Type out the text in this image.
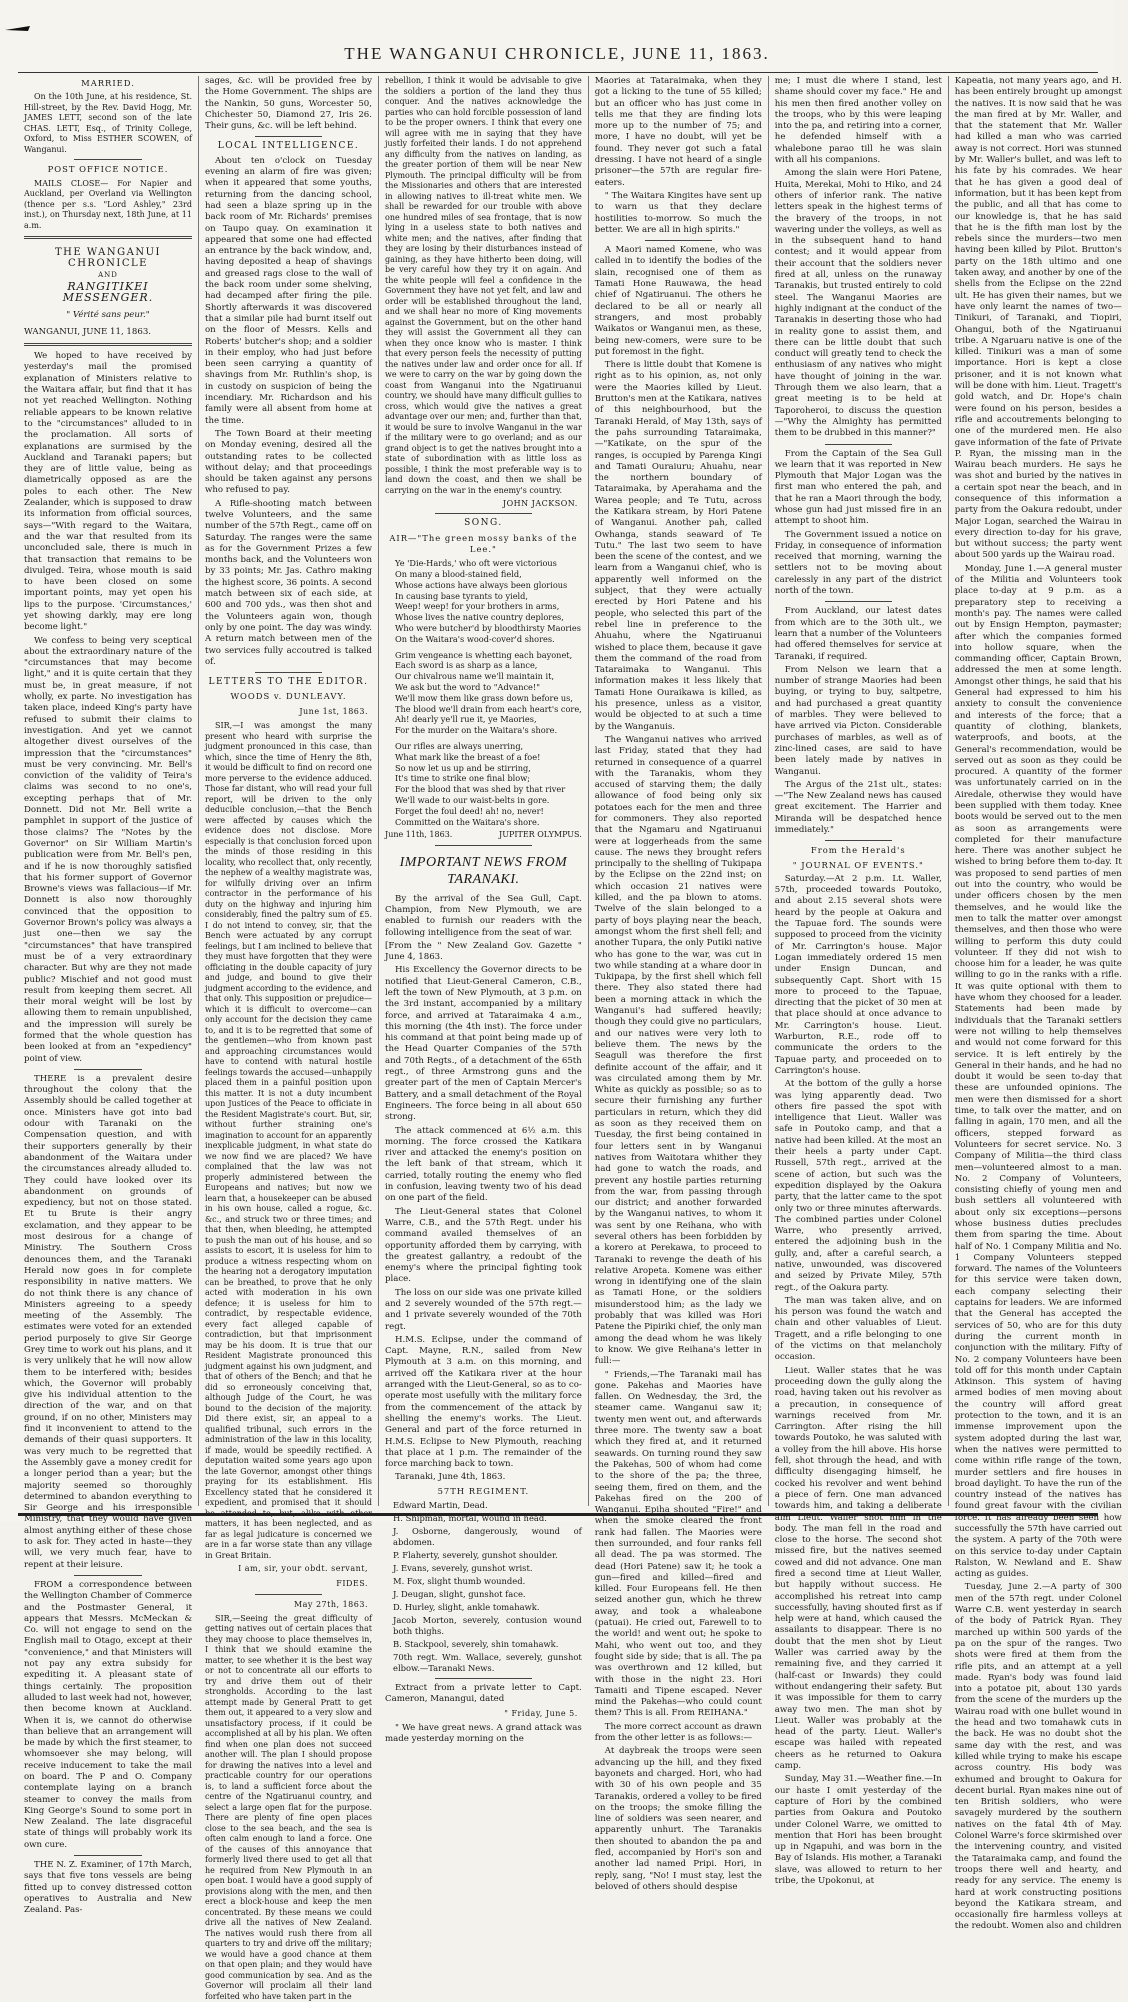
THE WANGANUI CHRONICLE, JUNE 11, 1863.
MARRIED.

On the 10th June, at his residence, St. Hill-street, by the Rev. David Hogg, Mr. JAMES LETT, second son of the late CHAS. LETT, Esq., of Trinity College, Oxford, to Miss ESTHER SCOWEN, of Wanganui.

POST OFFICE NOTICE.

MAILS CLOSE— For Napier and Auckland, per Overland via Wellington (thence per s.s. "Lord Ashley," 23rd inst.), on Thursday next, 18th June, at 11 a.m.

THE WANGANUI CHRONICLE
AND
RANGITIKEI MESSENGER.
" Vérité sans peur."
WANGANUI, JUNE 11, 1863.

We hoped to have received by yesterday's mail the promised explanation of Ministers relative to the Waitara affair, but find that it has not yet reached Wellington. Nothing reliable appears to be known relative to the "circumstances" alluded to in the proclamation. All sorts of explanations are surmised by the Auckland and Taranaki papers; but they are of little value, being as diametrically opposed as are the poles to each other. The New Zealander, which is supposed to draw its information from official sources, says—"With regard to the Waitara, and the war that resulted from its unconcluded sale, there is much in that transaction that remains to be divulged. Teira, whose mouth is said to have been closed on some important points, may yet open his lips to the purpose. 'Circumstances,' yet showing darkly, may ere long become light."

We confess to being very sceptical about the extraordinary nature of the "circumstances that may become light," and it is quite certain that they must be, in great measure, if not wholly, ex parte. No investigation has taken place, indeed King's party have refused to submit their claims to investigation. And yet we cannot altogether divest ourselves of the impression that the "circumstances" must be very convincing. Mr. Bell's conviction of the validity of Teira's claims was second to no one's, excepting perhaps that of Mr. Donnett. Did not Mr. Bell write a pamphlet in support of the justice of those claims? The "Notes by the Governor" on Sir William Martin's publication were from Mr. Bell's pen, and if he is now thoroughly satisfied that his former support of Governor Browne's views was fallacious—if Mr. Donnett is also now thoroughly convinced that the opposition to Governor Brown's policy was always a just one—then we say the "circumstances" that have transpired must be of a very extraordinary character. But why are they not made public? Mischief and not good must result from keeping them secret. All their moral weight will be lost by allowing them to remain unpublished, and the impression will surely be formed that the whole question has been looked at from an "expediency" point of view.

THERE is a prevalent desire throughout the colony that the Assembly should be called together at once. Ministers have got into bad odour with Taranaki on the Compensation question, and with their supporters generally by their abandonment of the Waitara under the circumstances already alluded to. They could have looked over its abandonment on grounds of expediency, but not on those stated. Et tu Brute is their angry exclamation, and they appear to be most desirous for a change of Ministry. The Southern Cross denounces them, and the Taranaki Herald now goes in for complete responsibility in native matters. We do not think there is any chance of Ministers agreeing to a speedy meeting of the Assembly. The estimates were voted for an extended period purposely to give Sir George Grey time to work out his plans, and it is very unlikely that he will now allow them to be interfered with; besides which, the Governor will probably give his individual attention to the direction of the war, and on that ground, if on no other, Ministers may find it inconvenient to attend to the demands of their quasi supporters. It was very much to be regretted that the Assembly gave a money credit for a longer period than a year; but the majority seemed so thoroughly determined to abandon everything to Sir George and his irresponsible Ministry, that they would have given almost anything either of these chose to ask for. They acted in haste—they will, we very much fear, have to repent at their leisure.

FROM a correspondence between the Wellington Chamber of Commerce and the Postmaster General, it appears that Messrs. McMeckan & Co. will not engage to send on the English mail to Otago, except at their "convenience," and that Ministers will not pay any extra subsidy for expediting it. A pleasant state of things certainly. The proposition alluded to last week had not, however, then become known at Auckland. When it is, we cannot do otherwise than believe that an arrangement will be made by which the first steamer, to whomsoever she may belong, will receive inducement to take the mail on board. The P and O. Company contemplate laying on a branch steamer to convey the mails from King George's Sound to some port in New Zealand. The late disgraceful state of things will probably work its own cure.

THE N. Z. Examiner, of 17th March, says that five tons vessels are being fitted up to convey distressed cotton operatives to Australia and New Zealand. Pas-

sages, &c. will be provided free by the Home Government. The ships are the Nankin, 50 guns, Worcester 50, Chichester 50, Diamond 27, Iris 26. Their guns, &c. will be left behind.

LOCAL INTELLIGENCE.

About ten o'clock on Tuesday evening an alarm of fire was given; when it appeared that some youths, returning from the dancing school, had seen a blaze spring up in the back room of Mr. Richards' premises on Taupo quay. On examination it appeared that some one had effected an entrance by the back window, and, having deposited a heap of shavings and greased rags close to the wall of the back room under some shelving, had decamped after firing the pile. Shortly afterwards it was discovered that a similar pile had burnt itself out on the floor of Messrs. Kells and Roberts' butcher's shop; and a soldier in their employ, who had just before been seen carrying a quantity of shavings from Mr. Ruthlin's shop, is in custody on suspicion of being the incendiary. Mr. Richardson and his family were all absent from home at the time.

The Town Board at their meeting on Monday evening, desired all the outstanding rates to be collected without delay; and that proceedings should be taken against any persons who refused to pay.

A Rifle-shooting match between twelve Volunteers, and the same number of the 57th Regt., came off on Saturday. The ranges were the same as for the Government Prizes a few months back, and the Volunteers won by 33 points; Mr. Jas. Cathro making the highest score, 36 points. A second match between six of each side, at 600 and 700 yds., was then shot and the Volunteers again won, though only by one point. The day was windy. A return match between men of the two services fully accoutred is talked of.

LETTERS TO THE EDITOR.
WOODS v. DUNLEAVY.
June 1st, 1863.

SIR,—I was amongst the many present who heard with surprise the judgment pronounced in this case, than which, since the time of Henry the 8th, it would be difficult to find on record one more perverse to the evidence adduced. Those far distant, who will read your full report, will be driven to the only deducible conclusion,—that the Bench were affected by causes which the evidence does not disclose. More especially is that conclusion forced upon the minds of those residing in this locality, who recollect that, only recently, the nephew of a wealthy magistrate was, for wilfully driving over an infirm contractor in the performance of his duty on the highway and injuring him considerably, fined the paltry sum of £5. I do not intend to convey, sir, that the Bench were actuated by any corrupt feelings, but I am inclined to believe that they must have forgotten that they were officiating in the double capacity of jury and judge, and bound to give their judgment according to the evidence, and that only. This supposition or prejudice—which it is difficult to overcome—can only account for the decision they came to, and it is to be regretted that some of the gentlemen—who from known past and approaching circumstances would have to contend with natural hostile feelings towards the accused—unhappily placed them in a painful position upon this matter. It is not a duty incumbent upon Justices of the Peace to officiate in the Resident Magistrate's court. But, sir, without further straining one's imagination to account for an apparently inexplicable judgment, in what state do we now find we are placed? We have complained that the law was not properly administered between the Europeans and natives; but now we learn that, a housekeeper can be abused in his own house, called a rogue, &c. &c., and struck two or three times; and that then, when bleeding, he attempted to push the man out of his house, and so assists to escort, it is useless for him to produce a witness respecting whom on the hearing not a derogatory imputation can be breathed, to prove that he only acted with moderation in his own defence; it is useless for him to contradict, by respectable evidence, every fact alleged capable of contradiction, but that imprisonment may be his doom. It is true that our Resident Magistrate pronounced this judgment against his own judgment, and that of others of the Bench; and that he did so erroneously conceiving that, although Judge of the Court, he was bound to the decision of the majority. Did there exist, sir, an appeal to a qualified tribunal, such errors in the administration of the law in this locality, if made, would be speedily rectified. A deputation waited some years ago upon the late Governor, amongst other things praying for its establishment. His Excellency stated that he considered it expedient, and promised that it should be attended to, but, alike with other matters, it has been neglected, and as far as legal judicature is concerned we are in a far worse state than any village in Great Britain.

I am, sir, your obdt. servant,
FIDES.
May 27th, 1863.

SIR,—Seeing the great difficulty of getting natives out of certain places that they may choose to place themselves in, I think that we should examine the matter, to see whether it is the best way or not to concentrate all our efforts to try and drive them out of their strongholds. According to the last attempt made by General Pratt to get them out, it appeared to a very slow and unsatisfactory process, if it could be accomplished at all by his plan. We often find when one plan does not succeed another will. The plan I should propose for drawing the natives into a level and practicable country for our operations is, to land a sufficient force about the centre of the Ngatiruanui country, and select a large open flat for the purpose. There are plenty of fine open places close to the sea beach, and the sea is often calm enough to land a force. One of the causes of this annoyance that formerly lived there used to get all that he required from New Plymouth in an open boat. I would have a good supply of provisions along with the men, and then erect a block-house and keep the men concentrated. By these means we could drive all the natives of New Zealand. The natives would rush there from all quarters to try and drive off the military; we would have a good chance at them on that open plain; and they would have good communication by sea. And as the Governor will proclaim all their land forfeited who have taken part in the

rebellion, I think it would be advisable to give the soldiers a portion of the land they thus conquer. And the natives acknowledge the parties who can hold forcible possession of land to be the proper owners. I think that every one will agree with me in saying that they have justly forfeited their lands. I do not apprehend any difficulty from the natives on landing, as the greater portion of them will be near New Plymouth. The principal difficulty will be from the Missionaries and others that are interested in allowing natives to ill-treat white men. We shall be rewarded for our trouble with above one hundred miles of sea frontage, that is now lying in a useless state to both natives and white men; and the natives, after finding that they are losing by their disturbances instead of gaining, as they have hitherto been doing, will be very careful how they try it on again. And the white people will feel a confidence in the Government they have not yet felt, and law and order will be established throughout the land, and we shall hear no more of King movements against the Government, but on the other hand they will assist the Government all they can when they once know who is master. I think that every person feels the necessity of putting the natives under law and order once for all. If we were to carry on the war by going down the coast from Wanganui into the Ngatiruanui country, we should have many difficult gullies to cross, which would give the natives a great advantage over our men; and, further than that, it would be sure to involve Wanganui in the war if the military were to go overland; and as our grand object is to get the natives brought into a state of subordination with as little loss as possible, I think the most preferable way is to land down the coast, and then we shall be carrying on the war in the enemy's country.

JOHN JACKSON.
SONG.
AIR—"The green mossy banks of the Lee."
Ye 'Die-Hards,' who oft were victorious
On many a blood-stained field,
Whose actions have always been glorious
In causing base tyrants to yield,
Weep! weep! for your brothers in arms,
Whose lives the native country deplores,
Who were butcher'd by bloodthirsty Maories
On the Waitara's wood-cover'd shores.
Grim vengeance is whetting each bayonet,
Each sword is as sharp as a lance,
Our chivalrous name we'll maintain it,
We ask but the word to "Advance!"
We'll mow them like grass down before us,
The blood we'll drain from each heart's core,
Ah! dearly ye'll rue it, ye Maories,
For the murder on the Waitara's shore.
Our rifles are always unerring,
What mark like the breast of a foe!
So now let us up and be stirring,
It's time to strike one final blow;
For the blood that was shed by that river
We'll wade to our waist-belts in gore.
Forget the foul deed! ah! no, never!
Committed on the Waitara's shore.
June 11th, 1863.	JUPITER OLYMPUS.
IMPORTANT NEWS FROM TARANAKI.

By the arrival of the Sea Gull, Capt. Champion, from New Plymouth, we are enabled to furnish our readers with the following intelligence from the seat of war.

[From the " New Zealand Gov. Gazette " June 4, 1863.

His Excellency the Governor directs to be notified that Lieut-General Cameron, C.B., left the town of New Plymouth, at 3 p.m. on the 3rd instant, accompanied by a military force, and arrived at Tataraimaka 4 a.m., this morning (the 4th inst). The force under his command at that point being made up of the Head Quarter Companies of the 57th and 70th Regts., of a detachment of the 65th regt., of three Armstrong guns and the greater part of the men of Captain Mercer's Battery, and a small detachment of the Royal Engineers. The force being in all about 650 strong.

The attack commenced at 6½ a.m. this morning. The force crossed the Katikara river and attacked the enemy's position on the left bank of that stream, which it carried, totally routing the enemy who fled in confusion, leaving twenty two of his dead on one part of the field.

The Lieut-General states that Colonel Warre, C.B., and the 57th Regt. under his command availed themselves of an opportunity afforded them by carrying, with the greatest gallantry, a redoubt of the enemy's where the principal fighting took place.

The loss on our side was one private killed and 2 severely wounded of the 57th regt.—and 1 private severely wounded of the 70th regt.

H.M.S. Eclipse, under the command of Capt. Mayne, R.N., sailed from New Plymouth at 3 a.m. on this morning, and arrived off the Katikara river at the hour arranged with the Lieut-General, so as to co-operate most usefully with the military force from the commencement of the attack by shelling the enemy's works. The Lieut. General and part of the force returned in H.M.S. Eclipse to New Plymouth, reaching that place at 1 p.m. The remainder of the force marching back to town.

Taranaki, June 4th, 1863.

57TH REGIMENT.

Edward Martin, Dead.

H. Shipman, mortal, wound in head.

J. Osborne, dangerously, wound of abdomen.

P. Flaherty, severely, gunshot shoulder.

J. Evans, severely, gunshot wrist.

M. Fox, slight thumb wounded.

J. Deugan, slight, gunshot face.

D. Hurley, slight, ankle tomahawk.

Jacob Morton, severely, contusion wound both thighs.

B. Stackpool, severely, shin tomahawk.

70th regt. Wm. Wallace, severely, gunshot elbow.—Taranaki News.

Extract from a private letter to Capt. Cameron, Manangui, dated

" Friday, June 5.

" We have great news. A grand attack was made yesterday morning on the

Maories at Tataraimaka, when they got a licking to the tune of 55 killed; but an officer who has just come in tells me that they are finding lots more up to the number of 75; and more, I have no doubt, will yet be found. They never got such a fatal dressing. I have not heard of a single prisoner—the 57th are regular fire-eaters.

" The Waitara Kingites have sent up to warn us that they declare hostilities to-morrow. So much the better. We are all in high spirits."

A Maori named Komene, who was called in to identify the bodies of the slain, recognised one of them as Tamati Hone Rauwawa, the head chief of Ngatiruanui. The others he declared to be all or nearly all strangers, and most probably Waikatos or Wanganui men, as these, being new-comers, were sure to be put foremost in the fight.

There is little doubt that Komene is right as to his opinion, as, not only were the Maories killed by Lieut. Brutton's men at the Katikara, natives of this neighbourhood, but the Taranaki Herald, of May 13th, says of the pahs surrounding Tataraimaka,—"Katikate, on the spur of the ranges, is occupied by Parenga Kingi and Tamati Ouraiuru; Ahuahu, near the northern boundary of Tataraimaka, by Aperahama and the Warea people; and Te Tutu, across the Katikara stream, by Hori Patene of Wanganui. Another pah, called Owhanga, stands seaward of Te Tutu." The last two seem to have been the scene of the contest, and we learn from a Wanganui chief, who is apparently well informed on the subject, that they were actually erected by Hori Patene and his people, who selected this part of the rebel line in preference to the Ahuahu, where the Ngatiruanui wished to place them, because it gave them the command of the road from Tataraimaka to Wanganui. This information makes it less likely that Tamati Hone Ouraikawa is killed, as his presence, unless as a visitor, would be objected to at such a time by the Wanganuis.

The Wanganui natives who arrived last Friday, stated that they had returned in consequence of a quarrel with the Taranakis, whom they accused of starving them; the daily allowance of food being only six potatoes each for the men and three for commoners. They also reported that the Ngamaru and Ngatiruanui were at loggerheads from the same cause. The news they brought refers principally to the shelling of Tukipapa by the Eclipse on the 22nd inst; on which occasion 21 natives were killed, and the pa blown to atoms. Twelve of the slain belonged to a party of boys playing near the beach, amongst whom the first shell fell; and another Tupara, the only Putiki native who has gone to the war, was cut in two while standing at a whare door in Tukipapa, by the first shell which fell there. They also stated there had been a morning attack in which the Wanganui's had suffered heavily; though they could give no particulars, and our natives were very loth to believe them. The news by the Seagull was therefore the first definite account of the affair, and it was circulated among them by Mr. White as quickly as possible; so as to secure their furnishing any further particulars in return, which they did as soon as they received them on Tuesday, the first being contained in four letters sent in by Wanganui natives from Waitotara whither they had gone to watch the roads, and prevent any hostile parties returning from the war, from passing through our district; and another forwarded by the Wanganui natives, to whom it was sent by one Reihana, who with several others has been forbidden by a korero at Perekawa, to proceed to Taranaki to revenge the death of his relative Aropeta. Komene was either wrong in identifying one of the slain as Tamati Hone, or the soldiers misunderstood him; as the lady we probably that was killed was Hori Patene the Pipiriki chief, the only man among the dead whom he was likely to know. We give Reihana's letter in full:—

" Friends,—The Taranaki mail has gone. Pakehas and Maories have fallen. On Wednesday, the 3rd, the steamer came. Wanganui saw it; twenty men went out, and afterwards three more. The twenty saw a boat which they fired at, and it returned seawards. On turning round they saw the Pakehas, 500 of whom had come to the shore of the pa; the three, seeing them, fired on them, and the Pakehas fired on the 200 of Wanganui. Epiha shouted "Fire!" and when the smoke cleared the front rank had fallen. The Maories were then surrounded, and four ranks fell all dead. The pa was stormed. The dead (Hori Patene) saw it; he took a gun—fired and killed—fired and killed. Four Europeans fell. He then seized another gun, which he threw away, and took a whaleabone (patuai). He cried out, Farewell to to the world! and went out; he spoke to Mahi, who went out too, and they fought side by side; that is all. The pa was overthrown and 12 killed, but with those in the night 23. Hori Tamaiti and Tipene escaped. Never mind the Pakehas—who could count them? This is all. From REIHANA."

The more correct account as drawn from the other letter is as follows:—

At daybreak the troops were seen advancing up the hill, and they fixed bayonets and charged. Hori, who had with 30 of his own people and 35 Taranakis, ordered a volley to be fired on the troops; the smoke filling the line of soldiers was seen nearer, and apparently unhurt. The Taranakis then shouted to abandon the pa and fled, accompanied by Hori's son and another lad named Pripi. Hori, in reply, sang, "No! I must stay, lest the beloved of others should despise

me; I must die where I stand, lest shame should cover my face." He and his men then fired another volley on the troops, who by this were leaping into the pa, and retiring into a corner, he defended himself with a whalebone parao till he was slain with all his companions.

Among the slain were Hori Patene, Huita, Merekai, Mohi to Hiko, and 24 others of inferior rank. The native letters speak in the highest terms of the bravery of the troops, in not wavering under the volleys, as well as in the subsequent hand to hand contest; and it would appear from their account that the soldiers never fired at all, unless on the runaway Taranakis, but trusted entirely to cold steel. The Wanganui Maories are highly indignant at the conduct of the Taranakis in deserting those who had in reality gone to assist them, and there can be little doubt that such conduct will greatly tend to check the enthusiasm of any natives who might have thought of joining in the war. Through them we also learn, that a great meeting is to be held at Taporoheroi, to discuss the question—"Why the Almighty has permitted them to be drubbed in this manner?"

From the Captain of the Sea Gull we learn that it was reported in New Plymouth that Major Logan was the first man who entered the pah, and that he ran a Maori through the body, whose gun had just missed fire in an attempt to shoot him.

The Government issued a notice on Friday, in consequence of information received that morning, warning the settlers not to be moving about carelessly in any part of the district north of the town.

From Auckland, our latest dates from which are to the 30th ult., we learn that a number of the Volunteers had offered themselves for service at Taranaki, if required.

From Nelson we learn that a number of strange Maories had been buying, or trying to buy, saltpetre, and had purchased a great quantity of marbles. They were believed to have arrived via Picton. Considerable purchases of marbles, as well as of zinc-lined cases, are said to have been lately made by natives in Wanganui.

The Argus of the 21st ult., states:—"The New Zealand news has caused great excitement. The Harrier and Miranda will be despatched hence immediately."

From the Herald's
" JOURNAL OF EVENTS."

Saturday.—At 2 p.m. Lt. Waller, 57th, proceeded towards Poutoko, and about 2.15 several shots were heard by the people at Oakura and the Tapuae ford. The sounds were supposed to proceed from the vicinity of Mr. Carrington's house. Major Logan immediately ordered 15 men under Ensign Duncan, and subsequently Capt. Short with 15 more to proceed to the Tapuae, directing that the picket of 30 men at that place should at once advance to Mr. Carrington's house. Lieut. Warburton, R.E., rode off to communicate the orders to the Tapuae party, and proceeded on to Carrington's house.

At the bottom of the gully a horse was lying apparently dead. Two others fire passed the spot with intelligence that Lieut. Waller was safe in Poutoko camp, and that a native had been killed. At the most an their heels a party under Capt. Russell, 57th regt., arrived at the scene of action, but such was the expedition displayed by the Oakura party, that the latter came to the spot only two or three minutes afterwards. The combined parties under Colonel Warre, who presently arrived, entered the adjoining bush in the gully, and, after a careful search, a native, unwounded, was discovered and seized by Private Miley, 57th regt., of the Oakura party.

The man was taken alive, and on his person was found the watch and chain and other valuables of Lieut. Tragett, and a rifle belonging to one of the victims on that melancholy occasion.

Lieut. Waller states that he was proceeding down the gully along the road, having taken out his revolver as a precaution, in consequence of warnings received from Mr. Carrington. After rising the hill towards Poutoko, he was saluted with a volley from the hill above. His horse fell, shot through the head, and with difficulty disengaging himself, he cocked his revolver and went behind a piece of fern. One man advanced towards him, and taking a deliberate aim Lieut. Waller shot him in the body. The man fell in the road and close to the horse. The second shot missed fire, but the natives seemed cowed and did not advance. One man fired a second time at Lieut Waller, but happily without success. He accomplished his retreat into camp successfully, having shouted first as if help were at hand, which caused the assailants to disappear. There is no doubt that the men shot by Lieut Waller was carried away by the remaining five, and they carried it (half-cast or Inwards) they could without endangering their safety. But it was impossible for them to carry away two men. The man shot by Lieut. Waller was probably at the head of the party. Lieut. Waller's escape was hailed with repeated cheers as he returned to Oakura camp.

Sunday, May 31.—Weather fine.—In our haste I omit yesterday of the capture of Hori by the combined parties from Oakura and Poutoko under Colonel Warre, we omitted to mention that Hori has been brought up in Ngapuhi, and was born in the Bay of Islands. His mother, a Taranaki slave, was allowed to return to her tribe, the Upokonui, at

Kapeatia, not many years ago, and H. has been entirely brought up amongst the natives. It is now said that he was the man fired at by Mr. Waller, and that the statement that Mr. Waller had killed a man who was carried away is not correct. Hori was stunned by Mr. Waller's bullet, and was left to his fate by his comrades. We hear that he has given a good deal of information, but it has been kept from the public, and all that has come to our knowledge is, that he has said that he is the fifth man lost by the rebels since the murders—two men having been killed by Pilot. Brutton's party on the 18th ultimo and one taken away, and another by one of the shells from the Eclipse on the 22nd ult. He has given their names, but we have only learnt the names of two—Tinikuri, of Taranaki, and Tiopiri, Ohangui, both of the Ngatiruanui tribe. A Ngaruaru native is one of the killed. Tinikuri was a man of some importance. Hori is kept a close prisoner, and it is not known what will be done with him. Lieut. Tragett's gold watch, and Dr. Hope's chain were found on his person, besides a rifle and accoutrements belonging to one of the murdered men. He also gave information of the fate of Private P. Ryan, the missing man in the Wairau beach murders. He says he was shot and buried by the natives in a certain spot near the beach, and in consequence of this information a party from the Oakura redoubt, under Major Logan, searched the Wairau in every direction to-day for his grave, but without success; the party went about 500 yards up the Wairau road.

Monday, June 1.—A general muster of the Militia and Volunteers took place to-day at 9 p.m. as a preparatory step to receiving a month's pay. The names were called out by Ensign Hempton, paymaster; after which the companies formed into hollow square, when the commanding officer, Captain Brown, addressed the men at some length. Amongst other things, he said that his General had expressed to him his anxiety to consult the convenience and interests of the force; that a quantity of clothing, blankets, waterproofs, and boots, at the General's recommendation, would be served out as soon as they could be procured. A quantity of the former was unfortunately carried on in the Airedale, otherwise they would have been supplied with them today. Knee boots would be served out to the men as soon as arrangements were completed for their manufacture here. There was another subject he wished to bring before them to-day. It was proposed to send parties of men out into the country, who would be under officers chosen by the men themselves, and he would like the men to talk the matter over amongst themselves, and then those who were willing to perform this duty could volunteer. If they did not wish to choose him for a leader, he was quite willing to go in the ranks with a rifle. It was quite optional with them to have whom they choosed for a leader. Statements had been made by individuals that the Taranaki settlers were not willing to help themselves and would not come forward for this service. It is left entirely by the General in their hands, and he had no doubt it would be seen to-day that these are unfounded opinions. The men were then dismissed for a short time, to talk over the matter, and on falling in again, 170 men, and all the officers, stepped forward as Volunteers for secret service. No. 3 Company of Militia—the third class men—volunteered almost to a man. No. 2 Company of Volunteers, consisting chiefly of young men and bush settlers all volunteered with about only six exceptions—persons whose business duties precludes them from sparing the time. About half of No. 1 Company Militia and No. 1 Company Volunteers stepped forward. The names of the Volunteers for this service were taken down, each company selecting their captains for leaders. We are informed that the General has accepted the services of 50, who are for this duty during the current month in conjunction with the military. Fifty of No. 2 company Volunteers have been told off for this month under Captain Atkinson. This system of having armed bodies of men moving about the country will afford great protection to the town, and it is an immense improvement upon the system adopted during the last war, when the natives were permitted to come within rifle range of the town, murder settlers and fire houses in broad daylight. To have the run of the country instead of the natives has found great favour with the civilian force. It has already been seen how successfully the 57th have carried out the system. A party of the 70th were on this service to-day under Captain Ralston, W. Newland and E. Shaw acting as guides.

Tuesday, June 2.—A party of 300 men of the 57th regt. under Colonel Warre C.B. went yesterday in search of the body of Patrick Ryan. They marched up within 500 yards of the pa on the spur of the ranges. Two shots were fired at them from the rifle pits, and an attempt at a yell made. Ryan's body was found laid into a potatoe pit, about 130 yards from the scene of the murders up the Wairau road with one bullet wound in the head and two tomahawk cuts in the back. He was no doubt shot the same day with the rest, and was killed while trying to make his escape across country. His body was exhumed and brought to Oakura for decent burial. Ryan makes nine out of ten British soldiers, who were savagely murdered by the southern natives on the fatal 4th of May. Colonel Warre's force skirmished over the intervening country, and visited the Tataraimaka camp, and found the troops there well and hearty, and ready for any service. The enemy is hard at work constructing positions beyond the Katikara stream, and occasionally fire harmless volleys at the redoubt. Women also and children
